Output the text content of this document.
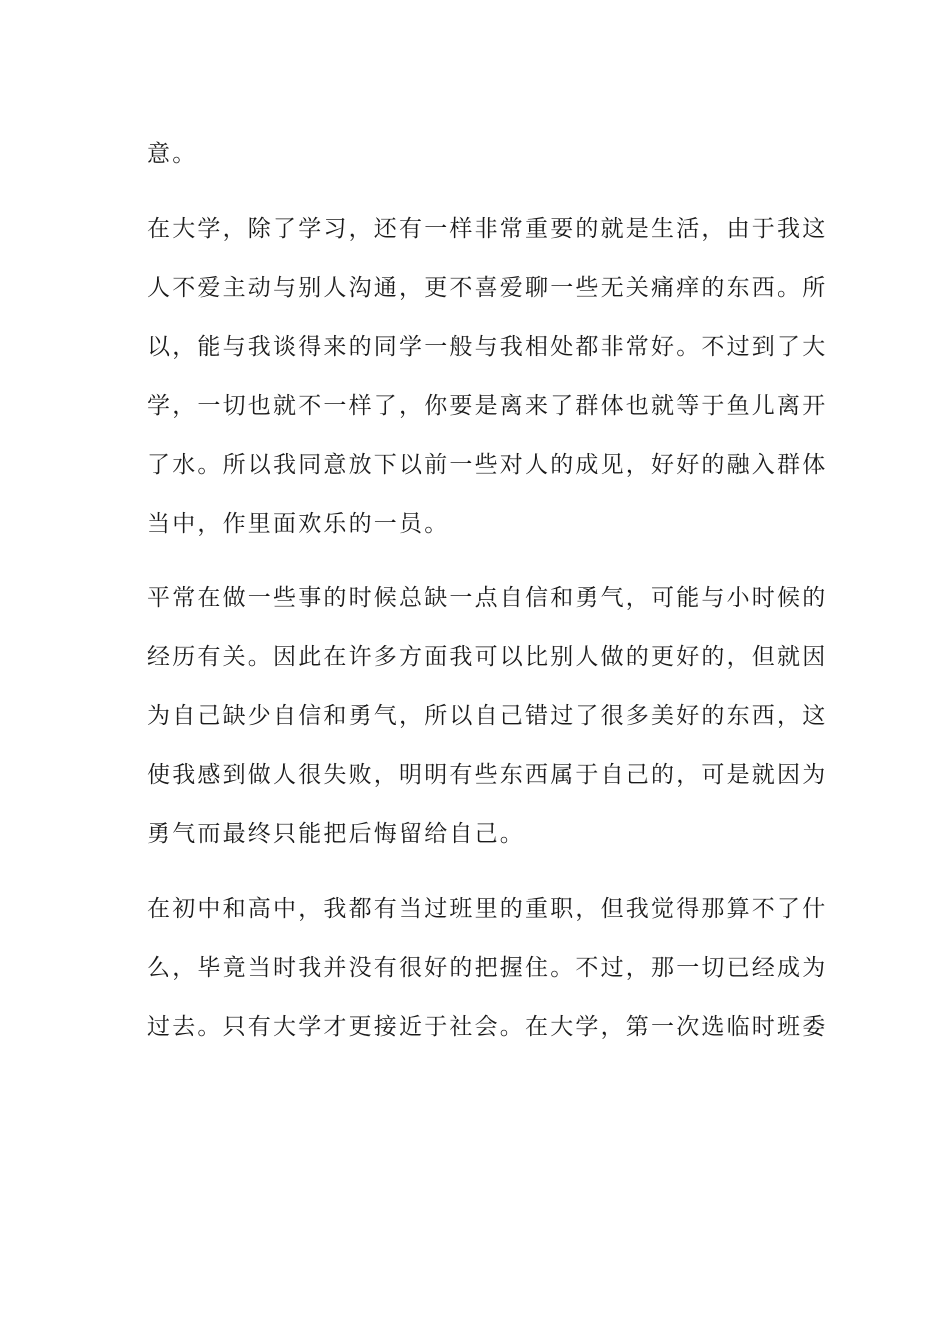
意。
在大学，除了学习，还有一样非常重要的就是生活，由于我这
人不爱主动与别人沟通，更不喜爱聊一些无关痛痒的东西。所
以，能与我谈得来的同学一般与我相处都非常好。不过到了大
学，一切也就不一样了，你要是离来了群体也就等于鱼儿离开
了水。所以我同意放下以前一些对人的成见，好好的融入群体
当中，作里面欢乐的一员。
平常在做一些事的时候总缺一点自信和勇气，可能与小时候的
经历有关。因此在许多方面我可以比别人做的更好的，但就因
为自己缺少自信和勇气，所以自己错过了很多美好的东西，这
使我感到做人很失败，明明有些东西属于自己的，可是就因为
勇气而最终只能把后悔留给自己。
在初中和高中，我都有当过班里的重职，但我觉得那算不了什
么，毕竟当时我并没有很好的把握住。不过，那一切已经成为
过去。只有大学才更接近于社会。在大学，第一次选临时班委
